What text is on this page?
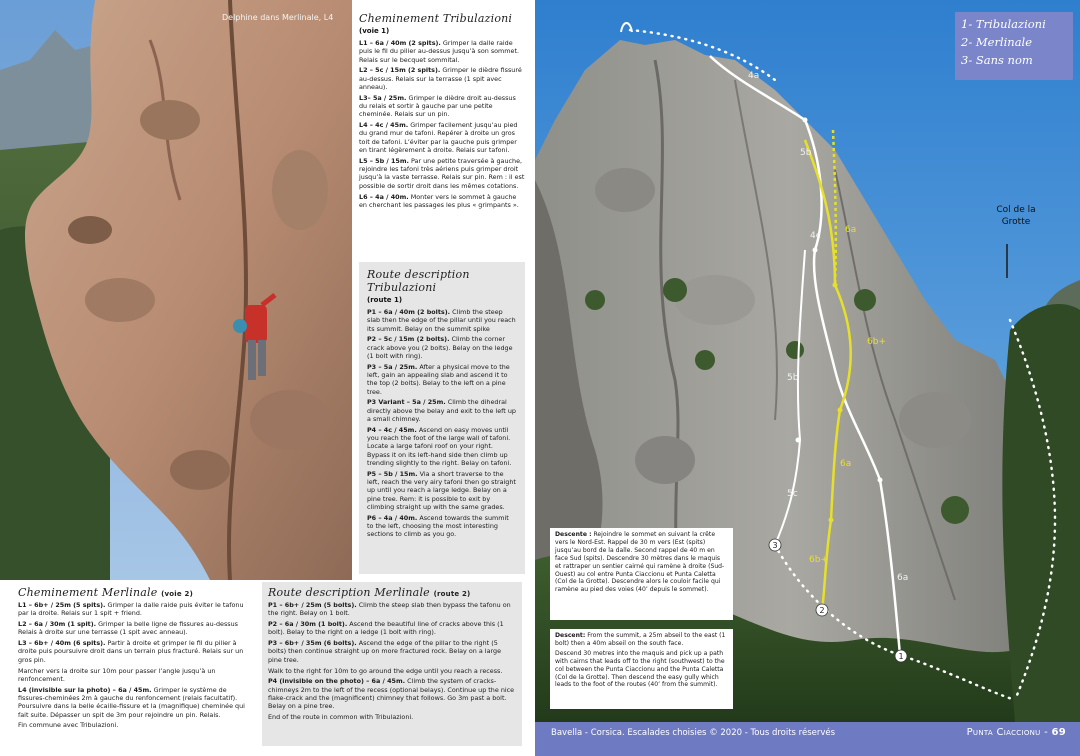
Delphine dans Merlinale, L4 Cheminement Tribulazioni
(voie 1)

L1 – 6a / 40m (2 spits). Grimper la dalle raide puis le fil du pilier au-dessus jusqu’à son sommet. Relais sur le becquet sommital.

L2 – 5c / 15m (2 spits). Grimper le dièdre fissuré au-dessus. Relais sur la terrasse (1 spit avec anneau).

L3– 5a / 25m. Grimper le dièdre droit au-dessus du relais et sortir à gauche par une petite cheminée. Relais sur un pin.

L4 – 4c / 45m. Grimper facilement jusqu’au pied du grand mur de tafoni. Repérer à droite un gros toit de tafoni. L’éviter par la gauche puis grimper en tirant légèrement à droite. Relais sur tafoni.

L5 – 5b / 15m. Par une petite traversée à gauche, rejoindre les tafoni très aériens puis grimper droit jusqu’à la vaste terrasse. Relais sur pin. Rem : il est possible de sortir droit dans les mêmes cotations.

L6 – 4a / 40m. Monter vers le sommet à gauche en cherchant les passages les plus « grimpants ».

Route description Tribulazioni
(route 1)

P1 – 6a / 40m (2 bolts). Climb the steep slab then the edge of the pillar until you reach its summit. Belay on the summit spike

P2 – 5c / 15m (2 bolts). Climb the corner crack above you (2 bolts). Belay on the ledge (1 bolt with ring).

P3 – 5a / 25m. After a physical move to the left, gain an appealing slab and ascend it to the top (2 bolts). Belay to the left on a pine tree.

P3 Variant – 5a / 25m. Climb the dihedral directly above the belay and exit to the left up a small chimney.

P4 – 4c / 45m. Ascend on easy moves until you reach the foot of the large wall of tafoni. Locate a large tafoni roof on your right. Bypass it on its left-hand side then climb up trending slightly to the right. Belay on tafoni.

P5 – 5b / 15m. Via a short traverse to the left, reach the very airy tafoni then go straight up until you reach a large ledge. Belay on a pine tree. Rem: it is possible to exit by climbing straight up with the same grades.

P6 – 4a / 40m. Ascend towards the summit to the left, choosing the most interesting sections to climb as you go.

Cheminement Merlinale (voie 2)

L1 – 6b+ / 25m (5 spits). Grimper la dalle raide puis éviter le tafonu par la droite. Relais sur 1 spit + friend.

L2 – 6a / 30m (1 spit). Grimper la belle ligne de fissures au-dessus Relais à droite sur une terrasse (1 spit avec anneau).

L3 – 6b+ / 40m (6 spits). Partir à droite et grimper le fil du pilier à droite puis poursuivre droit dans un terrain plus fracturé. Relais sur un gros pin.

Marcher vers la droite sur 10m pour passer l’angle jusqu’à un renfoncement.

L4 (invisible sur la photo) – 6a / 45m. Grimper le système de fissures-cheminées 2m à gauche du renfoncement (relais facultatif). Poursuivre dans la belle écaille-fissure et la (magnifique) cheminée qui fait suite. Dépasser un spit de 3m pour rejoindre un pin. Relais.

Fin commune avec Tribulazioni.

Route description Merlinale (route 2)

P1 – 6b+ / 25m (5 bolts). Climb the steep slab then bypass the tafonu on the right. Belay on 1 bolt.

P2 – 6a / 30m (1 bolt). Ascend the beautiful line of cracks above this (1 bolt). Belay to the right on a ledge (1 bolt with ring).

P3 – 6b+ / 35m (6 bolts). Ascend the edge of the pillar to the right (5 bolts) then continue straight up on more fractured rock. Belay on a large pine tree.

Walk to the right for 10m to go around the edge until you reach a recess.

P4 (invisible on the photo) – 6a / 45m. Climb the system of cracks-chimneys 2m to the left of the recess (optional belays). Continue up the nice flake-crack and the (magnificent) chimney that follows. Go 3m past a bolt. Belay on a pine tree.

End of the route in common with Tribulazioni.

4a
5b
4c
6a
6b+
5b
6a
5c
6b+
6a
1
2
3
1- Tribulazioni
2- Merlinale
3- Sans nom
Col de la
Grotte

Descente : Rejoindre le sommet en suivant la crête vers le Nord-Est. Rappel de 30 m vers (Est (spits) jusqu’au bord de la dalle. Second rappel de 40 m en face Sud (spits). Descendre 30 mètres dans le maquis et rattraper un sentier cairné qui ramène à droite (Sud-Ouest) au col entre Punta Ciaccionu et Punta Caletta (Col de la Grotte). Descendre alors le couloir facile qui ramène au pied des voies (40’ depuis le sommet).

Descent: From the summit, a 25m abseil to the east (1 bolt) then a 40m abseil on the south face.

Descend 30 metres into the maquis and pick up a path with cairns that leads off to the right (southwest) to the col between the Punta Ciaccionu and the Punta Caletta (Col de la Grotte). Then descend the easy gully which leads to the foot of the routes (40’ from the summit).

Bavella - Corsica. Escalades choisies © 2020 - Tous droits réservés	Punta Ciaccionu - 69
